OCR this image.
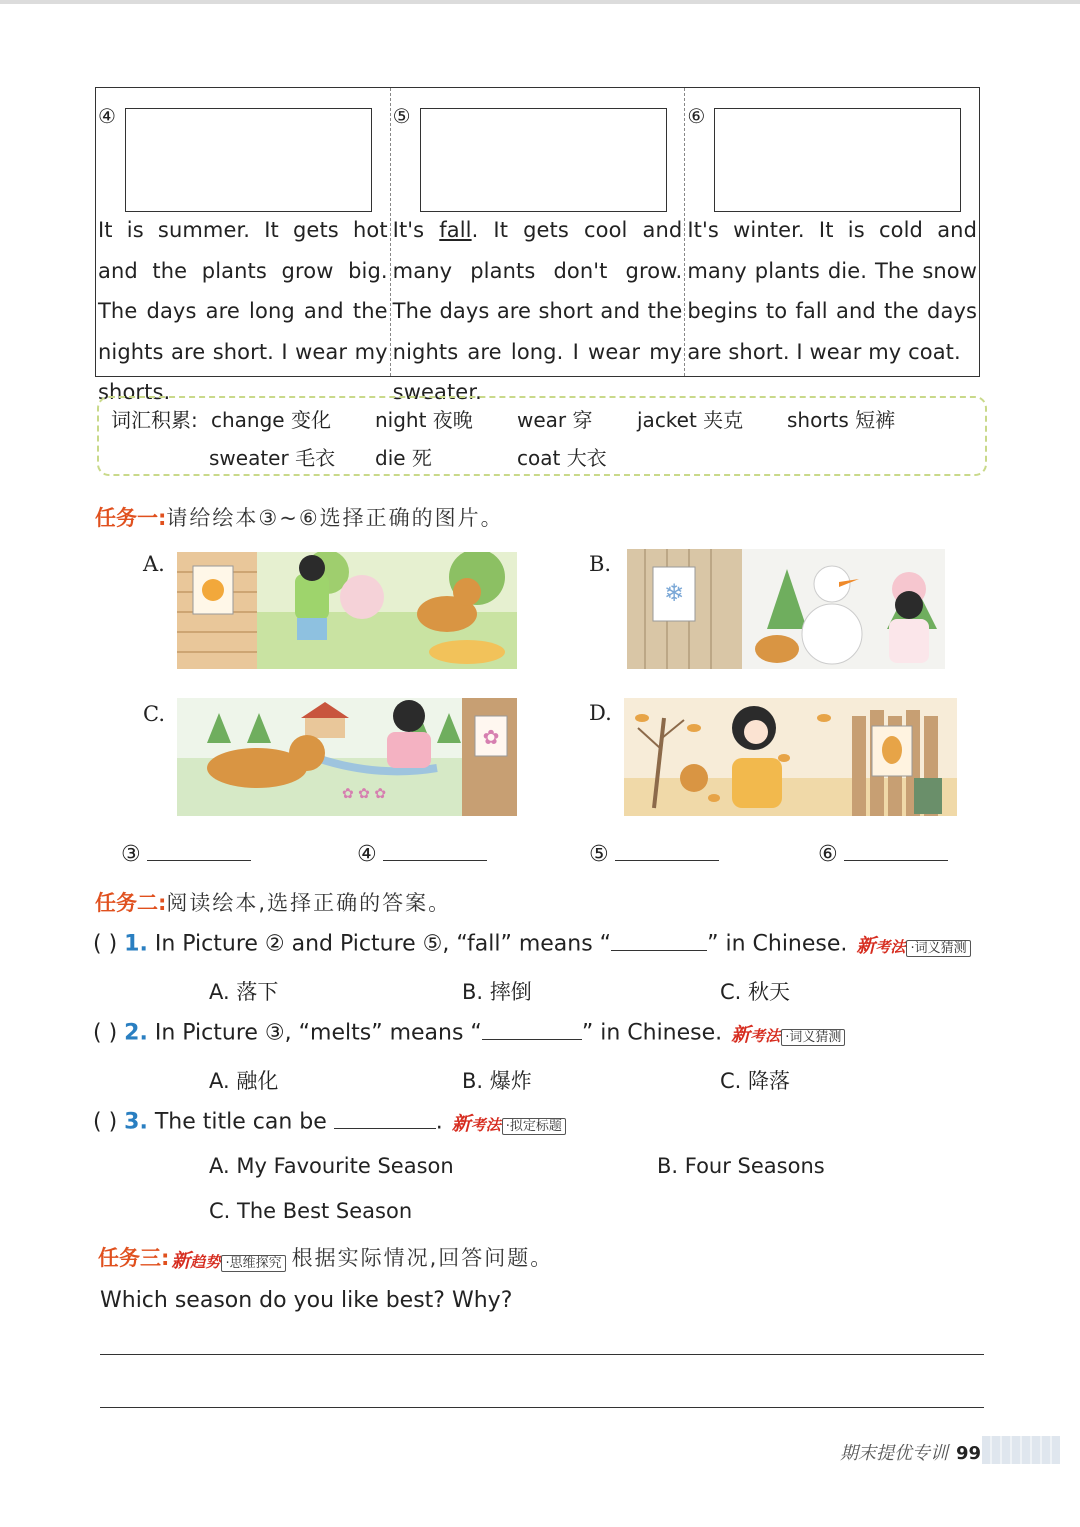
④
It is summer. It gets hot and the plants grow big. The days are long and the nights are short. I wear my shorts.
⑤
It's fall. It gets cool and many plants don't grow. The days are short and the nights are long. I wear my sweater.
⑥
It's winter. It is cold and many plants die. The snow begins to fall and the days are short. I wear my coat.
词汇积累: change 变化 night 夜晚 wear 穿 jacket 夹克 shorts 短裤
sweater 毛衣 die 死	coat 大衣
任务一:请给绘本③~⑥选择正确的图片。
A.	B.
❄
C.
✿
✿ ✿ ✿
D.
③	④	⑤	⑥
任务二:阅读绘本,选择正确的答案。
( ) 1. In Picture ② and Picture ⑤, “fall” means “	” in Chinese. 新考法 ·词义猜测
A. 落下	B. 摔倒	C. 秋天
( ) 2. In Picture ③, “melts” means “	” in Chinese. 新考法 ·词义猜测
A. 融化	B. 爆炸	C. 降落
( ) 3. The title can be	. 新考法 ·拟定标题
A. My Favourite Season	B. Four Seasons
C. The Best Season
任务三: 新趋势 ·思维探究 根据实际情况,回答问题。
Which season do you like best? Why?
期末提优专训 99
